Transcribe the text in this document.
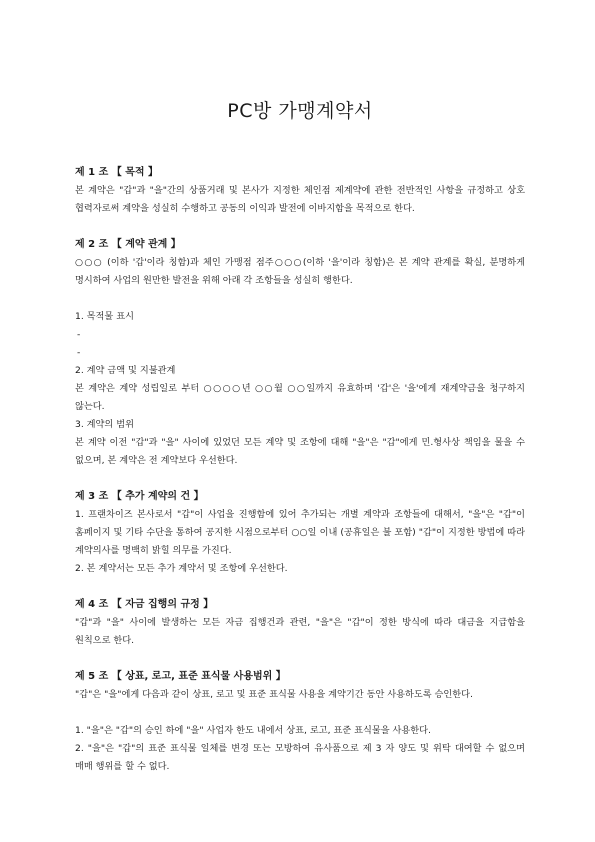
PC방 가맹계약서

제 1 조 【 목적 】

본 계약은 "갑"과 "을"간의 상품거래 및 본사가 지정한 체인점 제계약에 관한 전반적인 사항을 규정하고 상호 협력자로써 계약을 성실히 수행하고 공동의 이익과 발전에 이바지함을 목적으로 한다.

제 2 조 【 계약 관계 】

○○○ (이하 '갑'이라 칭함)과 체인 가맹점 점주○○○(이하 '을'이라 칭함)은 본 계약 관계를 확실, 분명하게 명시하여 사업의 원만한 발전을 위해 아래 각 조항들을 성실히 행한다.

1. 목적물 표시

-

-

2. 계약 금액 및 지불관계

본 계약은 계약 성립일로 부터 ○○○○년 ○○월 ○○일까지 유효하며 '갑'은 '을'에게 재계약금을 청구하지 않는다.

3. 계약의 범위

본 계약 이전 "갑"과 "을" 사이에 있었던 모든 계약 및 조항에 대해 "을"은 "갑"에게 민.형사상 책임을 물을 수 없으며, 본 계약은 전 계약보다 우선한다.

제 3 조 【 추가 계약의 건 】

1. 프랜차이즈 본사로서 "갑"이 사업을 진행함에 있어 추가되는 개별 계약과 조항들에 대해서, "을"은 "갑"이 홈페이지 및 기타 수단을 통하여 공지한 시점으로부터 ○○일 이내 (공휴일은 불 포함) "갑"이 지정한 방법에 따라 계약의사를 명백히 밝힐 의무를 가진다.

2. 본 계약서는 모든 추가 계약서 및 조항에 우선한다.

제 4 조 【 자금 집행의 규정 】

"갑"과 "을" 사이에 발생하는 모든 자금 집행건과 관련, "을"은 "갑"이 정한 방식에 따라 대금을 지급함을 원칙으로 한다.

제 5 조 【 상표, 로고, 표준 표식물 사용범위 】

"갑"은 "을"에게 다음과 같이 상표, 로고 및 표준 표식물 사용을 계약기간 동안 사용하도록 승인한다.

1. "을"은 "갑"의 승인 하에 "을" 사업자 한도 내에서 상표, 로고, 표준 표식물을 사용한다.

2. "을"은 "갑"의 표준 표식물 일체를 변경 또는 모방하여 유사품으로 제 3 자 양도 및 위탁 대여할 수 없으며 매매 행위를 할 수 없다.
